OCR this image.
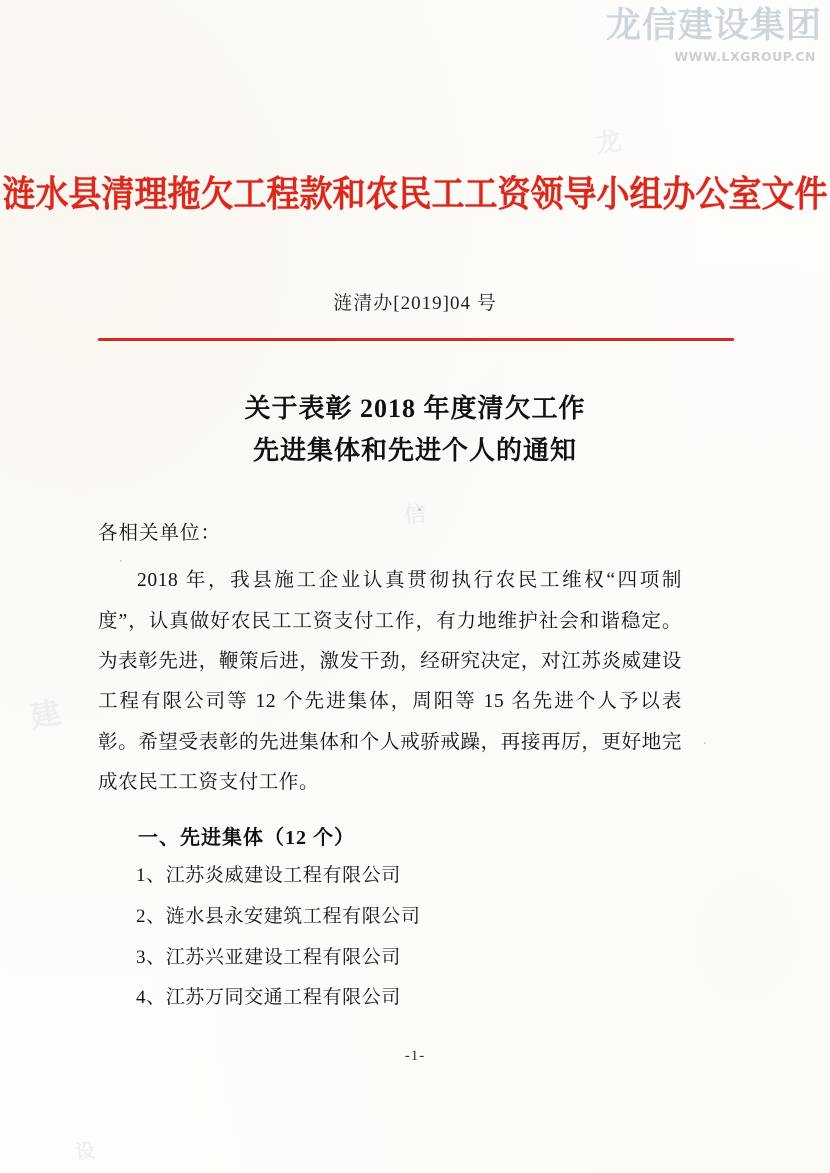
龙信建设集团
WWW.LXGROUP.CN
龙
信
建
设
涟水县清理拖欠工程款和农民工工资领导小组办公室文件
涟清办[2019]04 号
关于表彰 2018 年度清欠工作
先进集体和先进个人的通知
各相关单位：
2018 年，我县施工企业认真贯彻执行农民工维权“四项制度”，认真做好农民工工资支付工作，有力地维护社会和谐稳定。为表彰先进，鞭策后进，激发干劲，经研究决定，对江苏炎威建设工程有限公司等 12 个先进集体，周阳等 15 名先进个人予以表彰。希望受表彰的先进集体和个人戒骄戒躁，再接再厉，更好地完成农民工工资支付工作。
一、先进集体（12 个）
1、江苏炎威建设工程有限公司
2、涟水县永安建筑工程有限公司
3、江苏兴亚建设工程有限公司
4、江苏万同交通工程有限公司
-1-
